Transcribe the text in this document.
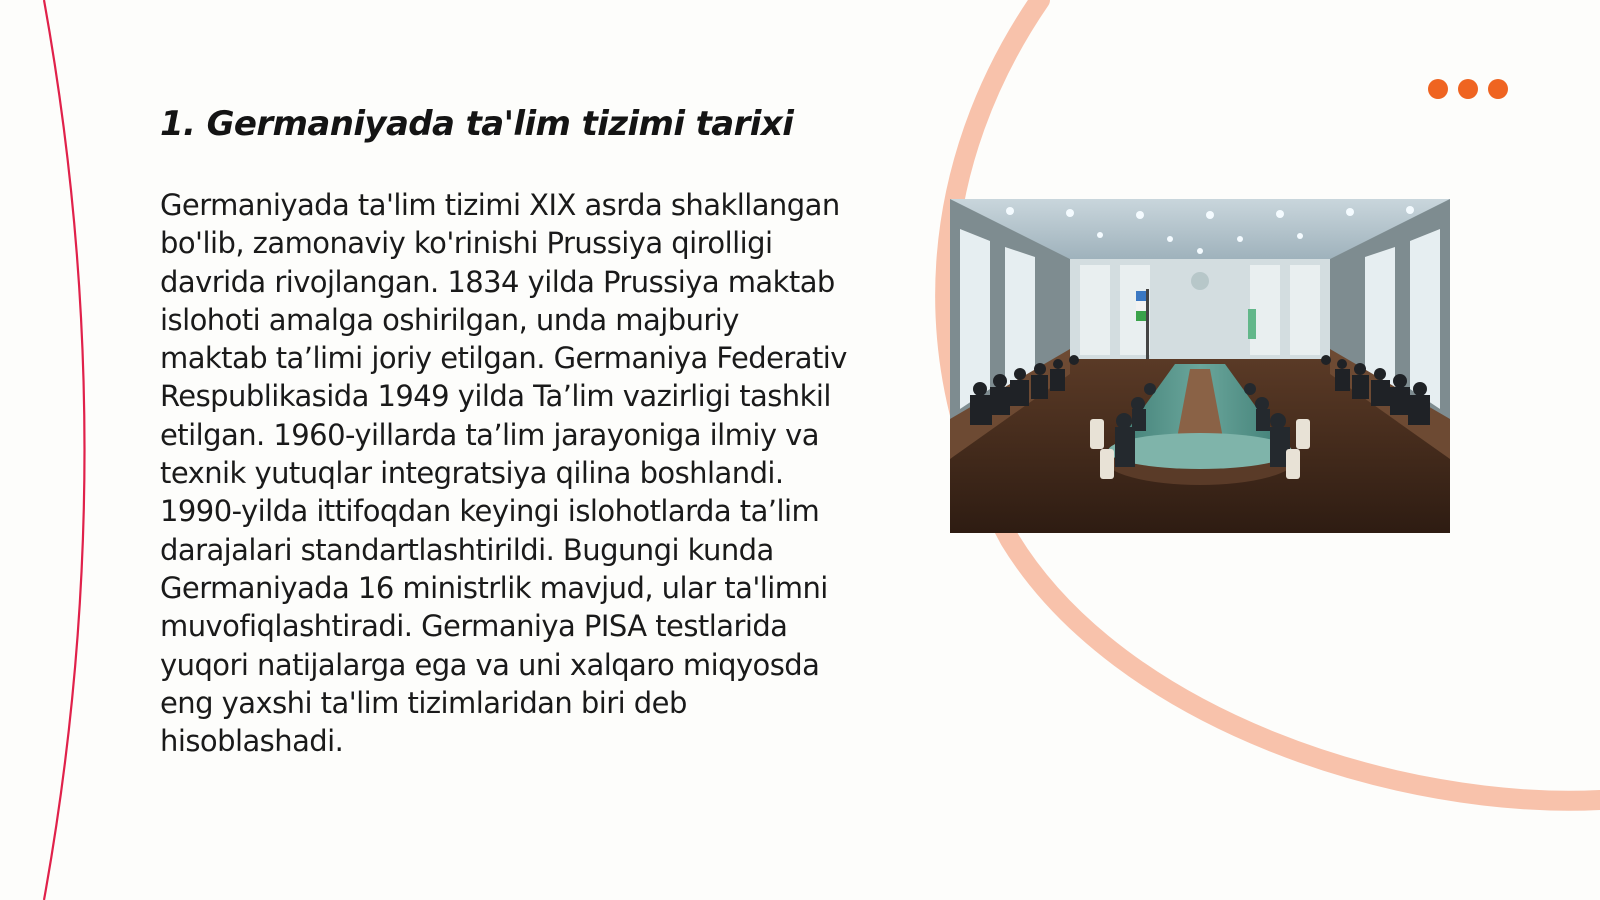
1. Germaniyada ta'lim tizimi tarixi

Germaniyada ta'lim tizimi XIX asrda shakllangan bo'lib, zamonaviy ko'rinishi Prussiya qirolligi davrida rivojlangan. 1834 yilda Prussiya maktab islohoti amalga oshirilgan, unda majburiy maktab ta’limi joriy etilgan. Germaniya Federativ Respublikasida 1949 yilda Ta’lim vazirligi tashkil etilgan. 1960-yillarda ta’lim jarayoniga ilmiy va texnik yutuqlar integratsiya qilina boshlandi. 1990-yilda ittifoqdan keyingi islohotlarda ta’lim darajalari standartlashtirildi. Bugungi kunda Germaniyada 16 ministrlik mavjud, ular ta'limni muvofiqlashtiradi. Germaniya PISA testlarida yuqori natijalarga ega va uni xalqaro miqyosda eng yaxshi ta'lim tizimlaridan biri deb hisoblashadi.
